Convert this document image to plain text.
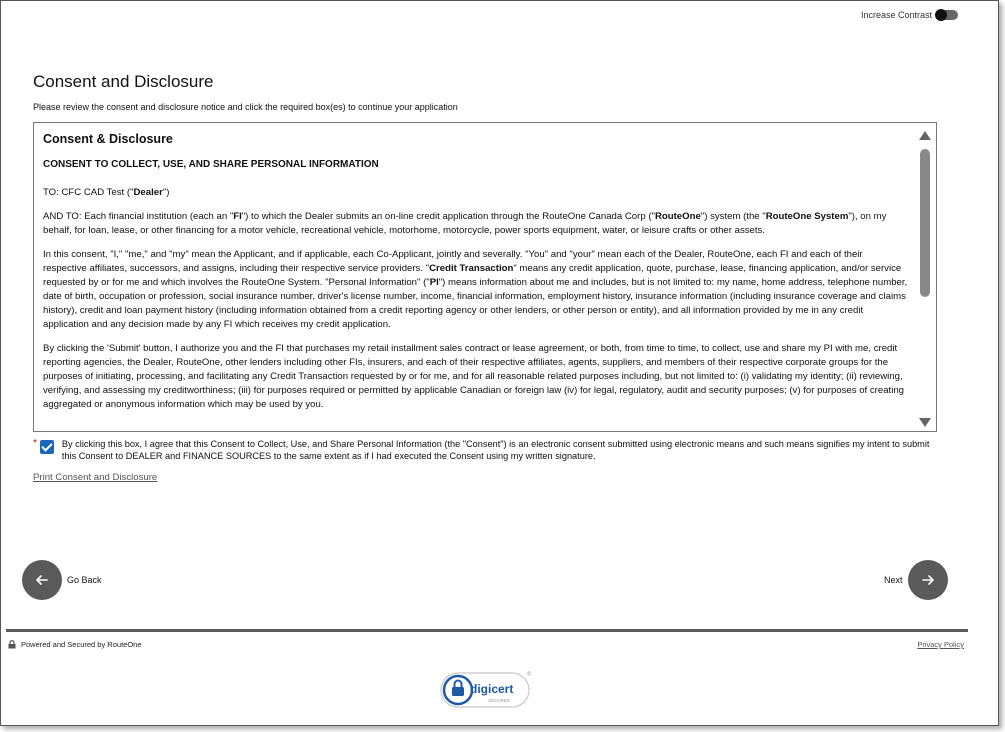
Increase Contrast
Consent and Disclosure
Please review the consent and disclosure notice and click the required box(es) to continue your application
Consent & Disclosure
CONSENT TO COLLECT, USE, AND SHARE PERSONAL INFORMATION

TO: CFC CAD Test ("Dealer")

AND TO: Each financial institution (each an "FI") to which the Dealer submits an on-line credit application through the RouteOne Canada Corp ("RouteOne") system (the "RouteOne System"), on my behalf, for loan, lease, or other financing for a motor vehicle, recreational vehicle, motorhome, motorcycle, power sports equipment, water, or leisure crafts or other assets.

In this consent, "I," "me," and "my" mean the Applicant, and if applicable, each Co-Applicant, jointly and severally. "You" and "your" mean each of the Dealer, RouteOne, each FI and each of their respective affiliates, successors, and assigns, including their respective service providers. "Credit Transaction" means any credit application, quote, purchase, lease, financing application, and/or service requested by or for me and which involves the RouteOne System. "Personal Information" ("PI") means information about me and includes, but is not limited to: my name, home address, telephone number, date of birth, occupation or profession, social insurance number, driver's license number, income, financial information, employment history, insurance information (including insurance coverage and claims history), credit and loan payment history (including information obtained from a credit reporting agency or other lenders, or other person or entity), and all information provided by me in any credit application and any decision made by any FI which receives my credit application.

By clicking the 'Submit' button, I authorize you and the FI that purchases my retail installment sales contract or lease agreement, or both, from time to time, to collect, use and share my PI with me, credit reporting agencies, the Dealer, RouteOne, other lenders including other FIs, insurers, and each of their respective affiliates, agents, suppliers, and members of their respective corporate groups for the purposes of initiating, processing, and facilitating any Credit Transaction requested by or for me, and for all reasonable related purposes including, but not limited to: (i) validating my identity; (ii) reviewing, verifying, and assessing my creditworthiness; (iii) for purposes required or permitted by applicable Canadian or foreign law (iv) for legal, regulatory, audit and security purposes; (v) for purposes of creating aggregated or anonymous information which may be used by you.

*	By clicking this box, I agree that this Consent to Collect, Use, and Share Personal Information (the "Consent") is an electronic consent submitted using electronic means and such means signifies my intent to submit this Consent to DEALER and FINANCE SOURCES to the same extent as if I had executed the Consent using my written signature.
Print Consent and Disclosure
Go Back	Next
Powered and Secured by RouteOne	Privacy Policy
digicert
SECURED
®
